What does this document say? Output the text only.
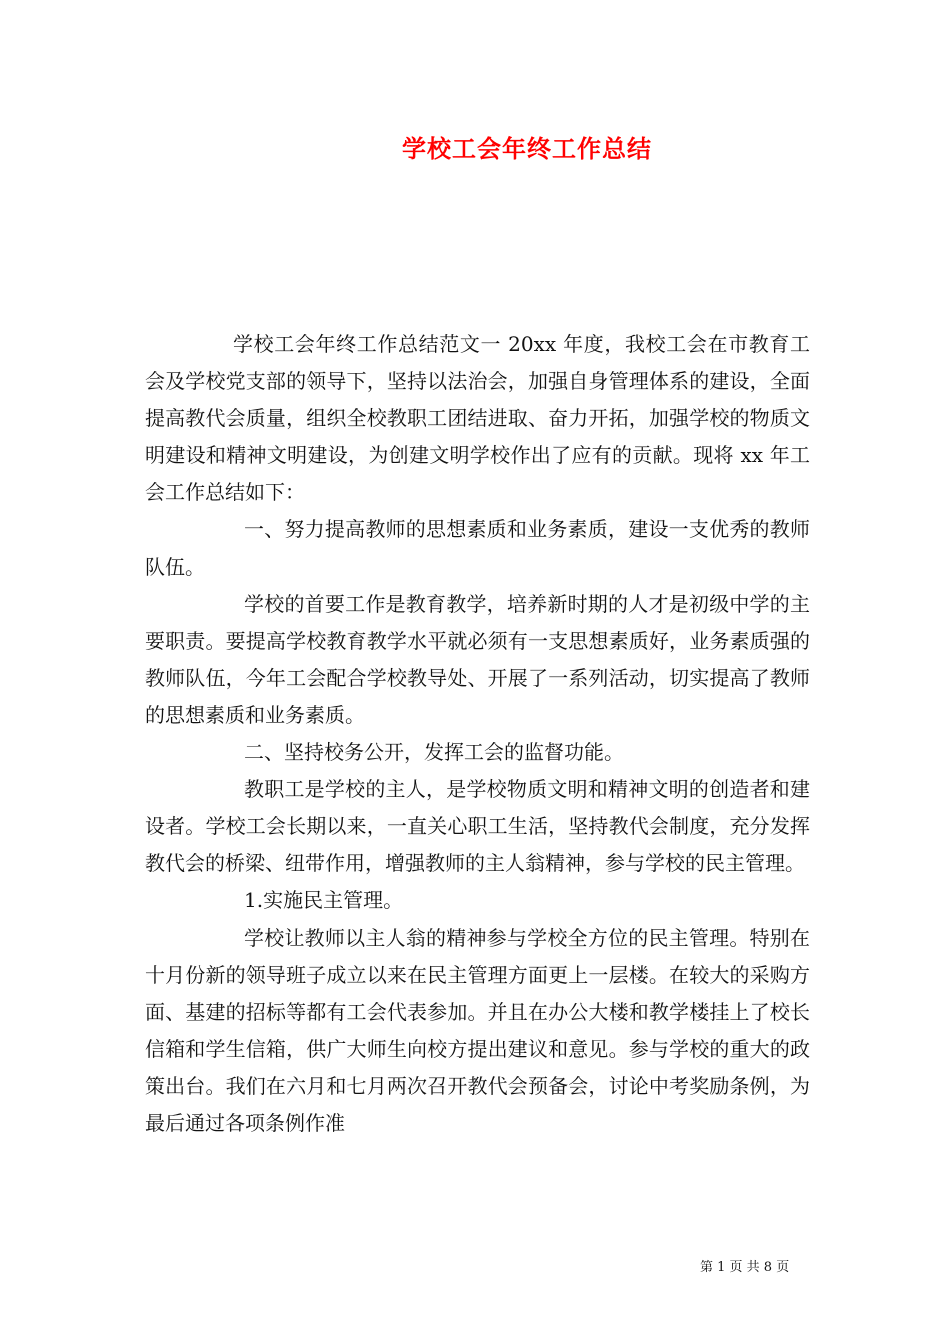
学校工会年终工作总结

学校工会年终工作总结范文一 20xx 年度，我校工会在市教育工会及学校党支部的领导下，坚持以法治会，加强自身管理体系的建设，全面提高教代会质量，组织全校教职工团结进取、奋力开拓，加强学校的物质文明建设和精神文明建设，为创建文明学校作出了应有的贡献。现将 xx 年工会工作总结如下：

一、努力提高教师的思想素质和业务素质，建设一支优秀的教师队伍。

学校的首要工作是教育教学，培养新时期的人才是初级中学的主要职责。要提高学校教育教学水平就必须有一支思想素质好，业务素质强的教师队伍，今年工会配合学校教导处、开展了一系列活动，切实提高了教师的思想素质和业务素质。

二、坚持校务公开，发挥工会的监督功能。

教职工是学校的主人，是学校物质文明和精神文明的创造者和建设者。学校工会长期以来，一直关心职工生活，坚持教代会制度，充分发挥教代会的桥梁、纽带作用，增强教师的主人翁精神，参与学校的民主管理。

1.实施民主管理。

学校让教师以主人翁的精神参与学校全方位的民主管理。特别在十月份新的领导班子成立以来在民主管理方面更上一层楼。在较大的采购方面、基建的招标等都有工会代表参加。并且在办公大楼和教学楼挂上了校长信箱和学生信箱，供广大师生向校方提出建议和意见。参与学校的重大的政策出台。我们在六月和七月两次召开教代会预备会，讨论中考奖励条例，为最后通过各项条例作准

第 1 页 共 8 页
